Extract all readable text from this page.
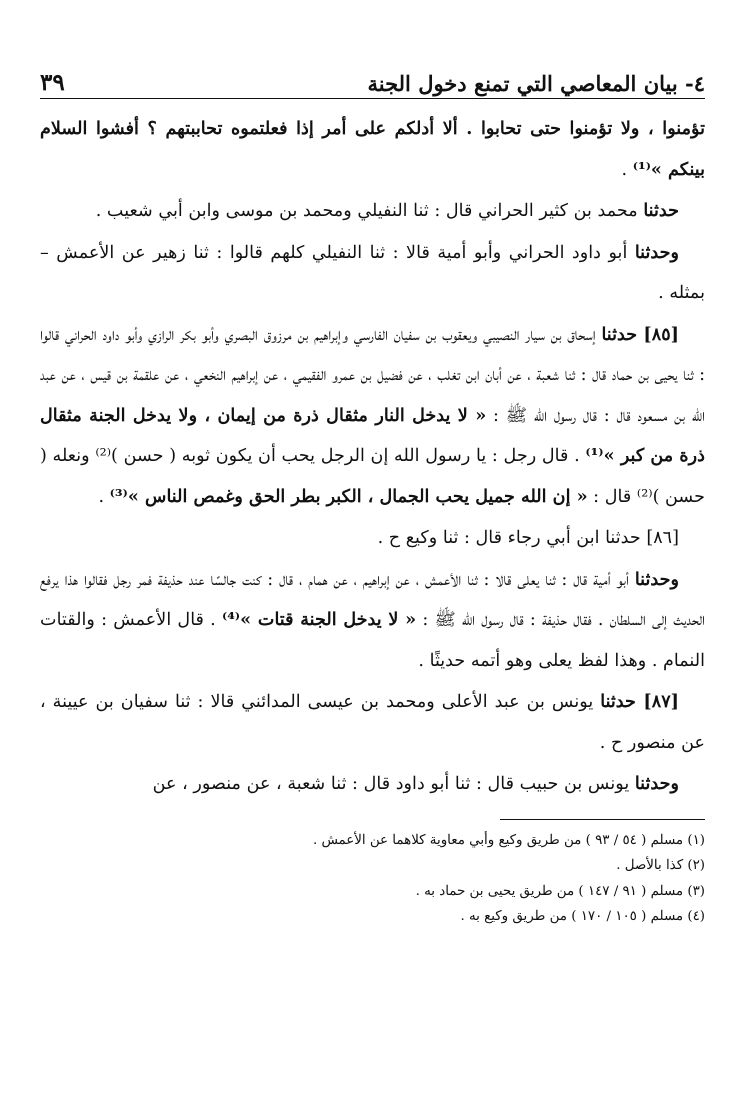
٤- بيان المعاصي التي تمنع دخول الجنة
٣٩

تؤمنوا ، ولا تؤمنوا حتى تحابوا . ألا أدلكم على أمر إذا فعلتموه تحاببتهم ؟ أفشوا السلام بينكم »⁽¹⁾ .

حدثنا محمد بن كثير الحراني قال : ثنا النفيلي ومحمد بن موسى وابن أبي شعيب .

وحدثنا أبو داود الحراني وأبو أمية قالا : ثنا النفيلي كلهم قالوا : ثنا زهير عن الأعمش – بمثله .

[٨٥] حدثنا إسحاق بن سيار النصيبي ويعقوب بن سفيان الفارسي وإبراهيم بن مرزوق البصري وأبو بكر الرازي وأبو داود الحراني قالوا : ثنا يحيى بن حماد قال : ثنا شعبة ، عن أبان ابن تغلب ، عن فضيل بن عمرو الفقيمي ، عن إبراهيم النخعي ، عن علقمة بن قيس ، عن عبد الله بن مسعود قال : قال رسول الله ﷺ : « لا يدخل النار مثقال ذرة من إيمان ، ولا يدخل الجنة مثقال ذرة من كبر »⁽¹⁾ . قال رجل : يا رسول الله إن الرجل يحب أن يكون ثوبه ( حسن )⁽²⁾ ونعله ( حسن )⁽²⁾ قال : « إن الله جميل يحب الجمال ، الكبر بطر الحق وغمص الناس »⁽³⁾ .

[٨٦] حدثنا ابن أبي رجاء قال : ثنا وكيع ح .

وحدثنا أبو أمية قال : ثنا يعلى قالا : ثنا الأعمش ، عن إبراهيم ، عن همام ، قال : كنت جالسًا عند حذيفة فمر رجل فقالوا هذا يرفع الحديث إلى السلطان . فقال حذيفة : قال رسول الله ﷺ : « لا يدخل الجنة قتات »⁽⁴⁾ . قال الأعمش : والقتات النمام . وهذا لفظ يعلى وهو أتمه حديثًا .

[٨٧] حدثنا يونس بن عبد الأعلى ومحمد بن عيسى المدائني قالا : ثنا سفيان بن عيينة ، عن منصور ح .

وحدثنا يونس بن حبيب قال : ثنا أبو داود قال : ثنا شعبة ، عن منصور ، عن

(١) مسلم ( ٥٤ / ٩٣ ) من طريق وكيع وأبي معاوية كلاهما عن الأعمش .

(٢) كذا بالأصل .

(٣) مسلم ( ٩١ / ١٤٧ ) من طريق يحيى بن حماد به .

(٤) مسلم ( ١٠٥ / ١٧٠ ) من طريق وكيع به .
